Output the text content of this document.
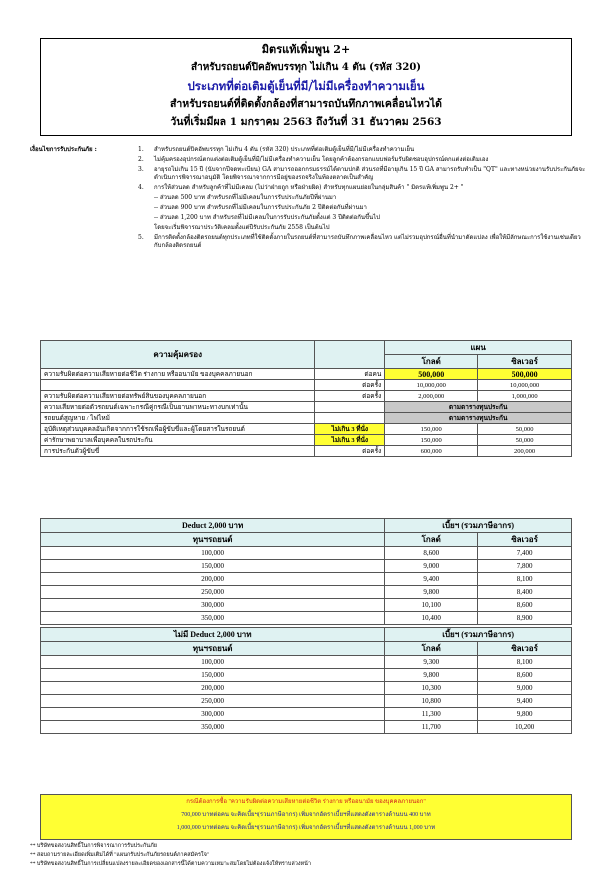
มิตรแท้เพิ่มพูน 2+
สำหรับรถยนต์ปิคอัพบรรทุก ไม่เกิน 4 ตัน (รหัส 320)
ประเภทที่ต่อเติมตู้เย็นที่มี/ไม่มีเครื่องทำความเย็น
สำหรับรถยนต์ที่ติดตั้งกล้องที่สามารถบันทึกภาพเคลื่อนไหวได้
วันที่เริ่มมีผล 1 มกราคม 2563 ถึงวันที่ 31 ธันวาคม 2563
เงื่อนไขการรับประกันภัย :	1. สำหรับรถยนต์ปิคอัพบรรทุก ไม่เกิน 4 ตัน (รหัส 320) ประเภทที่ต่อเติมตู้เย็นที่มี/ไม่มีเครื่องทำความเย็น
2. ไม่คุ้มครองอุปกรณ์ตกแต่งต่อเติมตู้เย็นที่มี/ไม่มีเครื่องทำความเย็น โดยลูกค้าต้องกรอกแบบฟอร์มรับผิดชอบอุปกรณ์ตกแต่งต่อเติมเอง
3. อายุรถไม่เกิน 15 ปี (นับจากปีจดทะเบียน) GA สามารถออกกรมธรรม์ได้ตามปกติ ส่วนรถที่มีอายุเกิน 15 ปี GA สามารถรับทำเป็น "QT" และทางหน่วยงานรับประกันภัยจะดำเนินการพิจารณาอนุมัติ โดยพิจารณาจากการมีอยู่ของรถจริงในท้องตลาดเป็นสำคัญ
4. การให้ส่วนลด สำหรับลูกค้าที่ไม่มีเคลม (ไม่ว่าฝ่ายถูก หรือฝ่ายผิด) สำหรับทุกแผนย่อยในกลุ่มสินค้า " มิตรแท้เพิ่มพูน 2+ "
-- ส่วนลด 500 บาท สำหรับรถที่ไม่มีเคลมในการรับประกันภัยปีที่ผ่านมา
-- ส่วนลด 900 บาท สำหรับรถที่ไม่มีเคลมในการรับประกันภัย 2 ปีติดต่อกันที่ผ่านมา
-- ส่วนลด 1,200 บาท สำหรับรถที่ไม่มีเคลมในการรับประกันภัยตั้งแต่ 3 ปีติดต่อกันขึ้นไป
โดยจะเริ่มพิจารณาประวัติเคลมตั้งแต่ปีรับประกันภัย 2558 เป็นต้นไป
5. มีการติดตั้งกล้องติดรถยนต์ทุกประเภทที่ใช้ติดตั้งภายในรถยนต์ที่สามารถบันทึกภาพเคลื่อนไหว แต่ไม่รวมอุปกรณ์อื่นที่นำมาดัดแปลง เพื่อให้มีลักษณะการใช้งานเช่นเดียวกับกล้องติดรถยนต์
ความคุ้มครอง		แผน	
		โกลด์	ซิลเวอร์
ความรับผิดต่อความเสียหายต่อชีวิต ร่างกาย หรืออนามัย ของบุคคลภายนอก	ต่อคน	500,000	500,000
	ต่อครั้ง	10,000,000	10,000,000
ความรับผิดต่อความเสียหายต่อทรัพย์สินของบุคคลภายนอก	ต่อครั้ง	2,000,000	1,000,000
ความเสียหายต่อตัวรถยนต์เฉพาะกรณีคู่กรณีเป็นยานพาหนะทางบกเท่านั้น		ตามตารางทุนประกัน	
รถยนต์สูญหาย / ไฟไหม้		ตามตารางทุนประกัน	
อุบัติเหตุส่วนบุคคลอันเกิดจากการใช้รถเพื่อผู้ขับขี่และผู้โดยสารในรถยนต์	ไม่เกิน 3 ที่นั่ง	150,000	50,000
ค่ารักษาพยาบาลเพื่อบุคคลในรถประกัน	ไม่เกิน 3 ที่นั่ง	150,000	50,000
การประกันตัวผู้ขับขี่	ต่อครั้ง	600,000	200,000
Deduct 2,000 บาท	เบี้ยฯ (รวมภาษีอากร)	
ทุนฯรถยนต์	โกลด์	ซิลเวอร์
100,000	8,600	7,400
150,000	9,000	7,800
200,000	9,400	8,100
250,000	9,800	8,400
300,000	10,100	8,600
350,000	10,400	8,900
ไม่มี Deduct 2,000 บาท	เบี้ยฯ (รวมภาษีอากร)	
ทุนฯรถยนต์	โกลด์	ซิลเวอร์
100,000	9,300	8,100
150,000	9,800	8,600
200,000	10,300	9,000
250,000	10,800	9,400
300,000	11,300	9,800
350,000	11,700	10,200
กรณีต้องการซื้อ "ความรับผิดต่อความเสียหายต่อชีวิต ร่างกาย หรืออนามัย ของบุคคลภายนอก"
700,000 บาทต่อคน จะคิดเบี้ยฯ(รวมภาษีอากร) เพิ่มจากอัตราเบี้ยฯที่แสดงดังตารางด้านบน 400 บาท
1,000,000 บาทต่อคน จะคิดเบี้ยฯ(รวมภาษีอากร) เพิ่มจากอัตราเบี้ยฯที่แสดงดังตารางด้านบน 1,000 บาท
** บริษัทขอสงวนสิทธิ์ในการพิจารณาการรับประกันภัย
** สอบถามรายละเอียดเพิ่มเติมได้ที่ "แผนกรับประกันภัยรถยนต์ภาคสมัครใจ"
** บริษัทขอสงวนสิทธิ์ในการเปลี่ยนแปลงรายละเอียดของเอกสารนี้ได้ตามความเหมาะสมโดยไม่ต้องแจ้งให้ทราบล่วงหน้า
